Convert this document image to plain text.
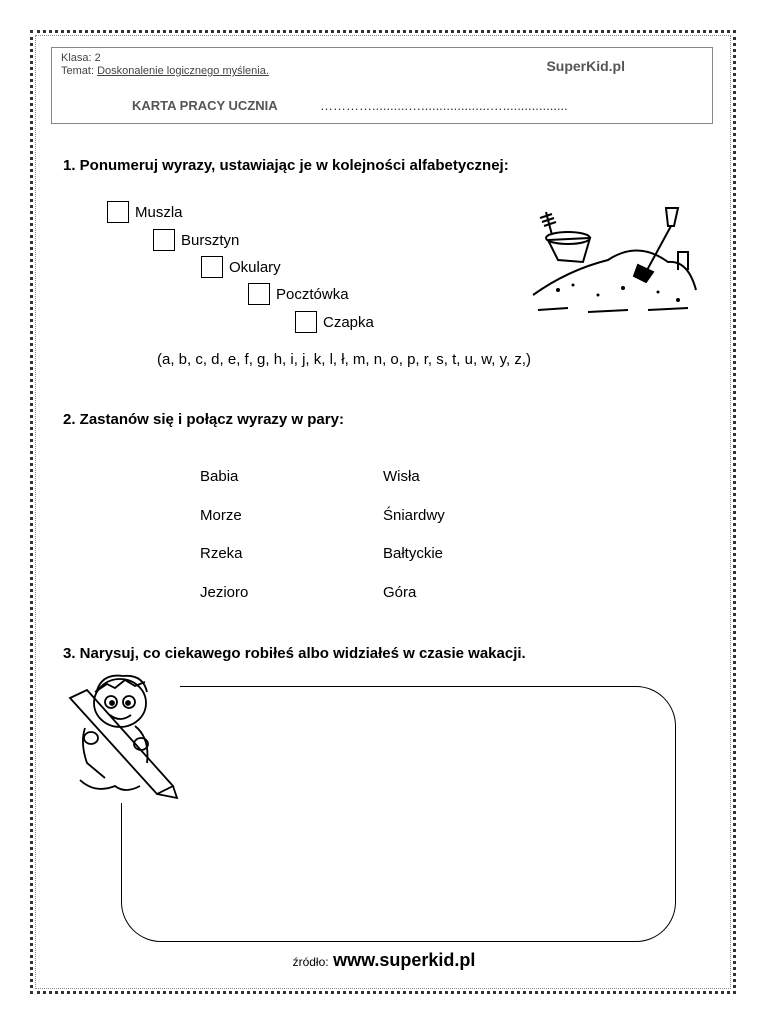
Klasa: 2
Temat: Doskonalenie logicznego myślenia.	SuperKid.pl
KARTA PRACY UCZNIA	…………..........…...................…..................
1. Ponumeruj wyrazy, ustawiając je w kolejności alfabetycznej:
Muszla
Bursztyn
Okulary
Pocztówka
Czapka
(a, b, c, d, e, f, g, h, i, j, k, l, ł, m, n, o, p, r, s, t, u, w, y, z,)
2. Zastanów się i połącz wyrazy w pary:
Babia
Morze
Rzeka
Jezioro
Wisła
Śniardwy
Bałtyckie
Góra
3. Narysuj, co ciekawego robiłeś albo widziałeś w czasie wakacji.
źródło: www.superkid.pl
